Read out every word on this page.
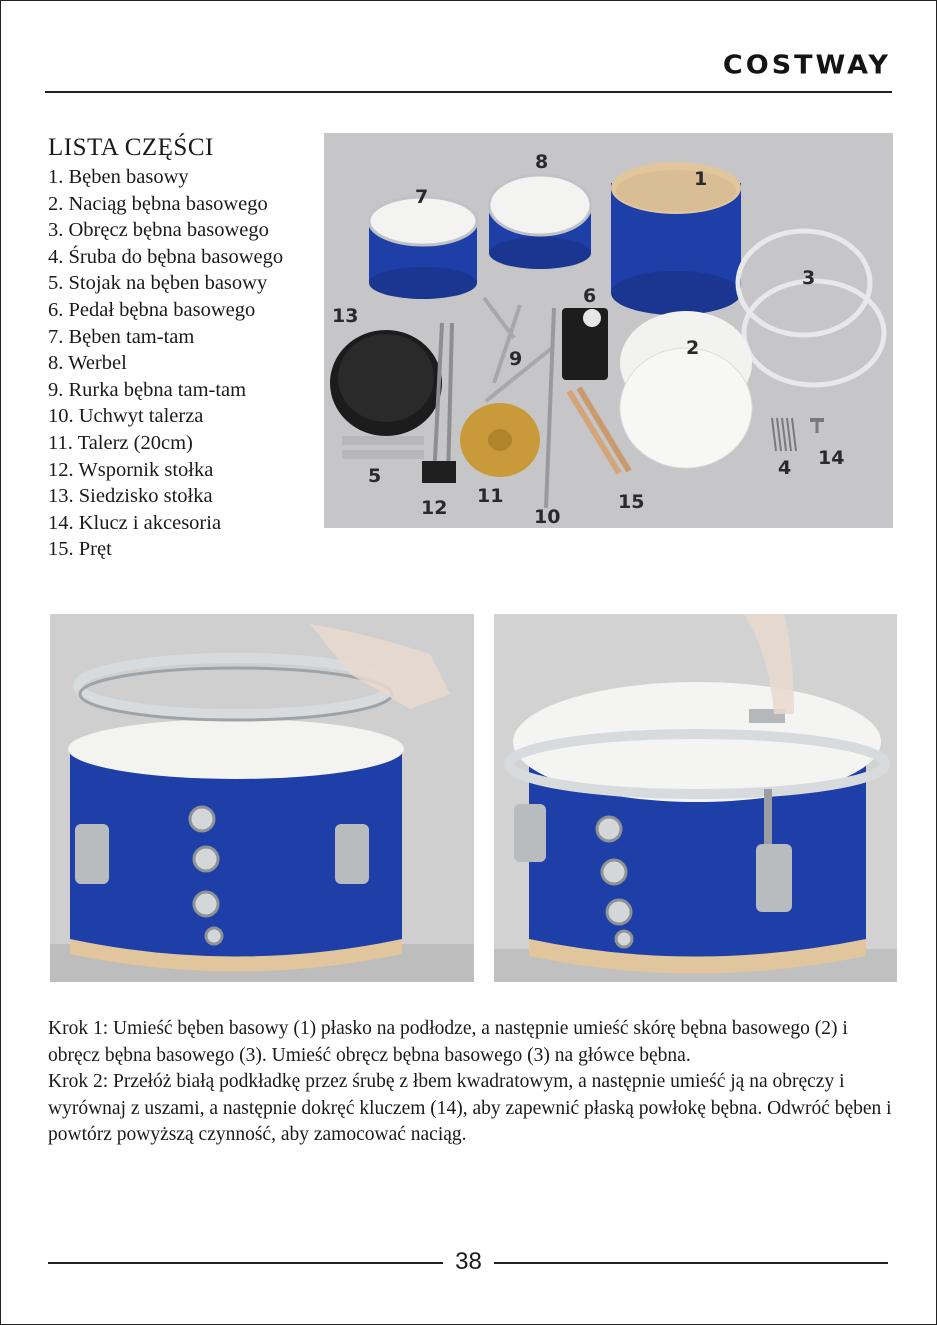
COSTWAY
LISTA CZĘŚCI
1. Bęben basowy
2. Naciąg bębna basowego
3. Obręcz bębna basowego
4. Śruba do bębna basowego
5. Stojak na bęben basowy
6. Pedał bębna basowego
7. Bęben tam-tam
8. Werbel
9. Rurka bębna tam-tam
10. Uchwyt talerza
11. Talerz (20cm)
12. Wspornik stołka
13. Siedzisko stołka
14. Klucz i akcesoria
15. Pręt
1
2
3
4
5
6
7
8
9
10
11
12
13
14
15

Krok 1: Umieść bęben basowy (1) płasko na podłodze, a następnie umieść skórę bębna basowego (2) i obręcz bębna basowego (3). Umieść obręcz bębna basowego (3) na główce bębna.

Krok 2: Przełóż białą podkładkę przez śrubę z łbem kwadratowym, a następnie umieść ją na obręczy i wyrównaj z uszami, a następnie dokręć kluczem (14), aby zapewnić płaską powłokę bębna. Odwróć bęben i powtórz powyższą czynność, aby zamocować naciąg.

38
